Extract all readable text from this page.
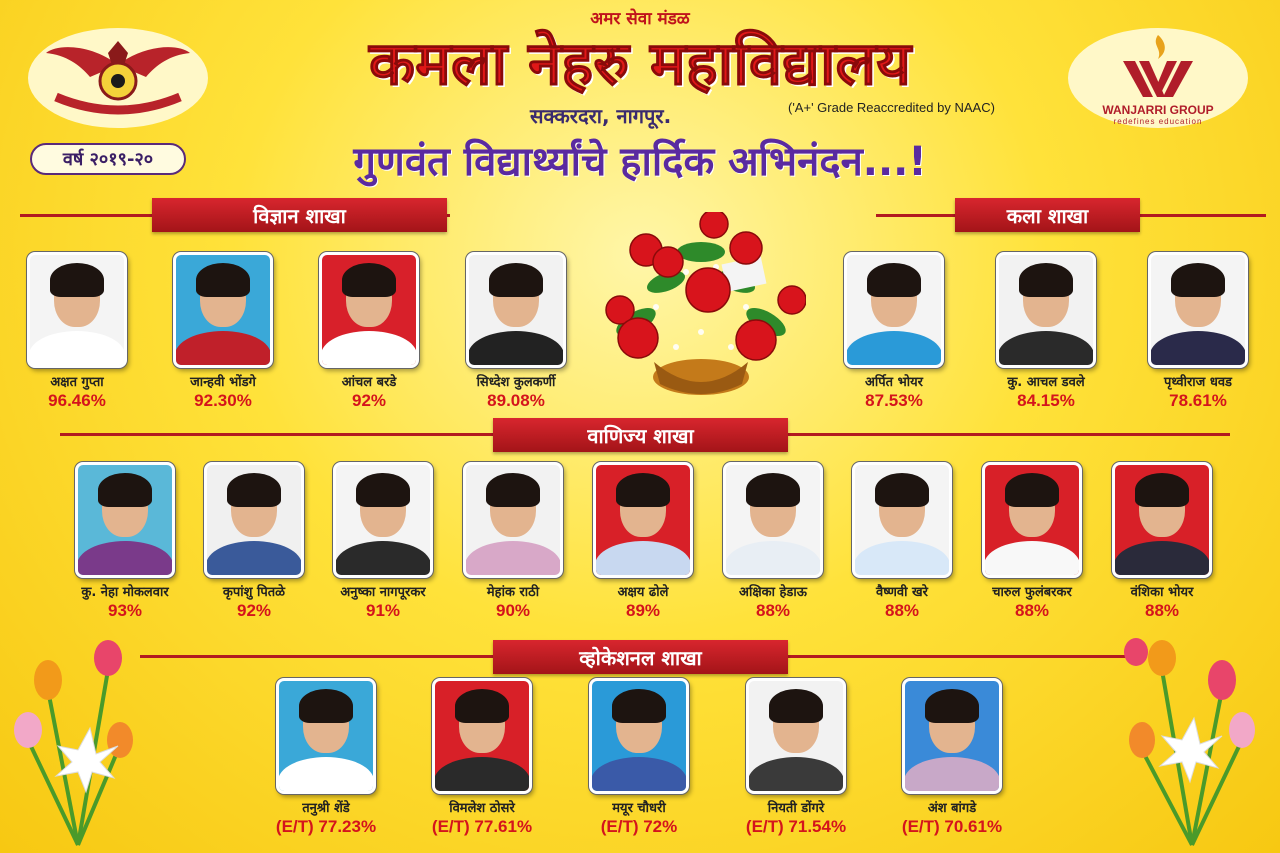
WANJARRI GROUP
redefines education
वर्ष २०१९-२०
अमर सेवा मंडळ
कमला नेहरु महाविद्यालय
सक्करदरा, नागपूर.	('A+' Grade Reaccredited by NAAC)
गुणवंत विद्यार्थ्यांचे हार्दिक अभिनंदन...!
विज्ञान शाखा
अक्षत गुप्ता
96.46%
जान्हवी भोंडगे
92.30%
आंचल बरडे
92%
सिध्देश कुलकर्णी
89.08%
कला शाखा
अर्पित भोयर
87.53%
कु. आचल डवले
84.15%
पृथ्वीराज धवड
78.61%
वाणिज्य शाखा
कु. नेहा मोकलवार
93%
कृपांशु पितळे
92%
अनुष्का नागपूरकर
91%
मेहांक राठी
90%
अक्षय ढोले
89%
अक्षिका हेडाऊ
88%
वैष्णवी खरे
88%
चारुल फुलंबरकर
88%
वंशिका भोयर
88%
व्होकेशनल शाखा
तनुश्री शेंडे
(E/T) 77.23%
विमलेश ठोसरे
(E/T) 77.61%
मयूर चौधरी
(E/T) 72%
नियती डोंगरे
(E/T) 71.54%
अंश बांगडे
(E/T) 70.61%
